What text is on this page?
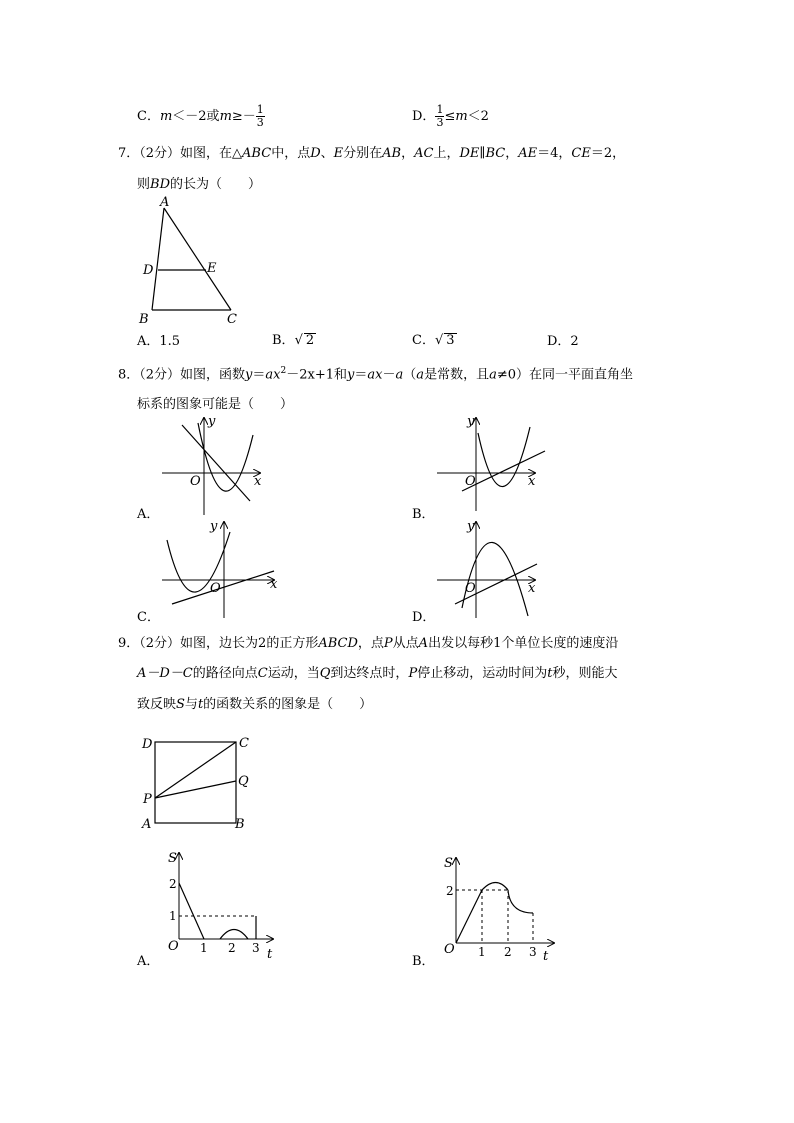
C．m＜－2或$m\ge- \frac{1}{3}$	D． $\frac{1}{3} \le m<2$
7．（2分）如图，在△ABC中，点D、E分别在AB，AC上，DE∥BC，AE＝4，CE＝2，
则BD的长为（　　）
A
B	C
D	E
A．1.5	B．√ 2	C．√ 3	D．2
8．（2分）如图，函数$y=ax^2-2x+1$和y＝ax－a（a是常数，且a≠0）在同一平面直角坐
标系的图象可能是（　　）
y
x
O
A．
y
x
O
B．
y
x
O
C．
y
x
O
D．
9．（2分）如图，边长为2的正方形ABCD，点P从点A出发以每秒1个单位长度的速度沿
A－D－C的路径向点C运动，当Q到达终点时，P停止移动，运动时间为t秒，则能大
致反映S与t的函数关系的图象是（　　）
D	C
Q
P
A	B
S
2
1
O 1 2 3 t
A．
S
2
O 1 2 3 t
B．
